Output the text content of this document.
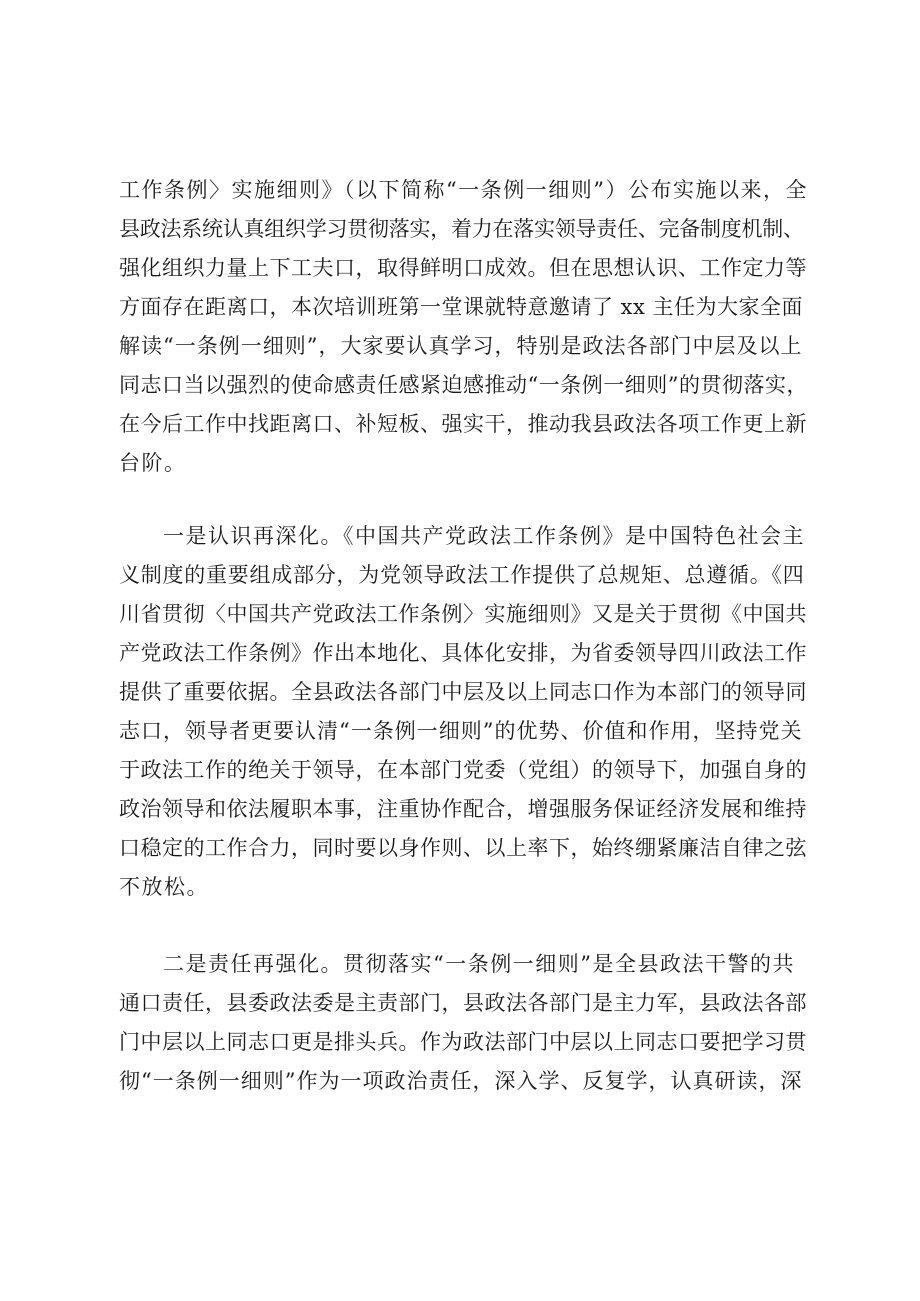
工作条例〉实施细则》（以下简称“一条例一细则”）公布实施以来，全
县政法系统认真组织学习贯彻落实，着力在落实领导责任、完备制度机制、
强化组织力量上下工夫口，取得鲜明口成效。但在思想认识、工作定力等
方面存在距离口，本次培训班第一堂课就特意邀请了 xx 主任为大家全面
解读“一条例一细则”，大家要认真学习，特别是政法各部门中层及以上
同志口当以强烈的使命感责任感紧迫感推动“一条例一细则”的贯彻落实，
在今后工作中找距离口、补短板、强实干，推动我县政法各项工作更上新
台阶。
一是认识再深化。《中国共产党政法工作条例》是中国特色社会主
义制度的重要组成部分，为党领导政法工作提供了总规矩、总遵循。《四
川省贯彻〈中国共产党政法工作条例〉实施细则》又是关于贯彻《中国共
产党政法工作条例》作出本地化、具体化安排，为省委领导四川政法工作
提供了重要依据。全县政法各部门中层及以上同志口作为本部门的领导同
志口，领导者更要认清“一条例一细则”的优势、价值和作用，坚持党关
于政法工作的绝关于领导，在本部门党委（党组）的领导下，加强自身的
政治领导和依法履职本事，注重协作配合，增强服务保证经济发展和维持
口稳定的工作合力，同时要以身作则、以上率下，始终绷紧廉洁自律之弦
不放松。
二是责任再强化。贯彻落实“一条例一细则”是全县政法干警的共
通口责任，县委政法委是主责部门，县政法各部门是主力军，县政法各部
门中层以上同志口更是排头兵。作为政法部门中层以上同志口要把学习贯
彻“一条例一细则”作为一项政治责任，深入学、反复学，认真研读，深
